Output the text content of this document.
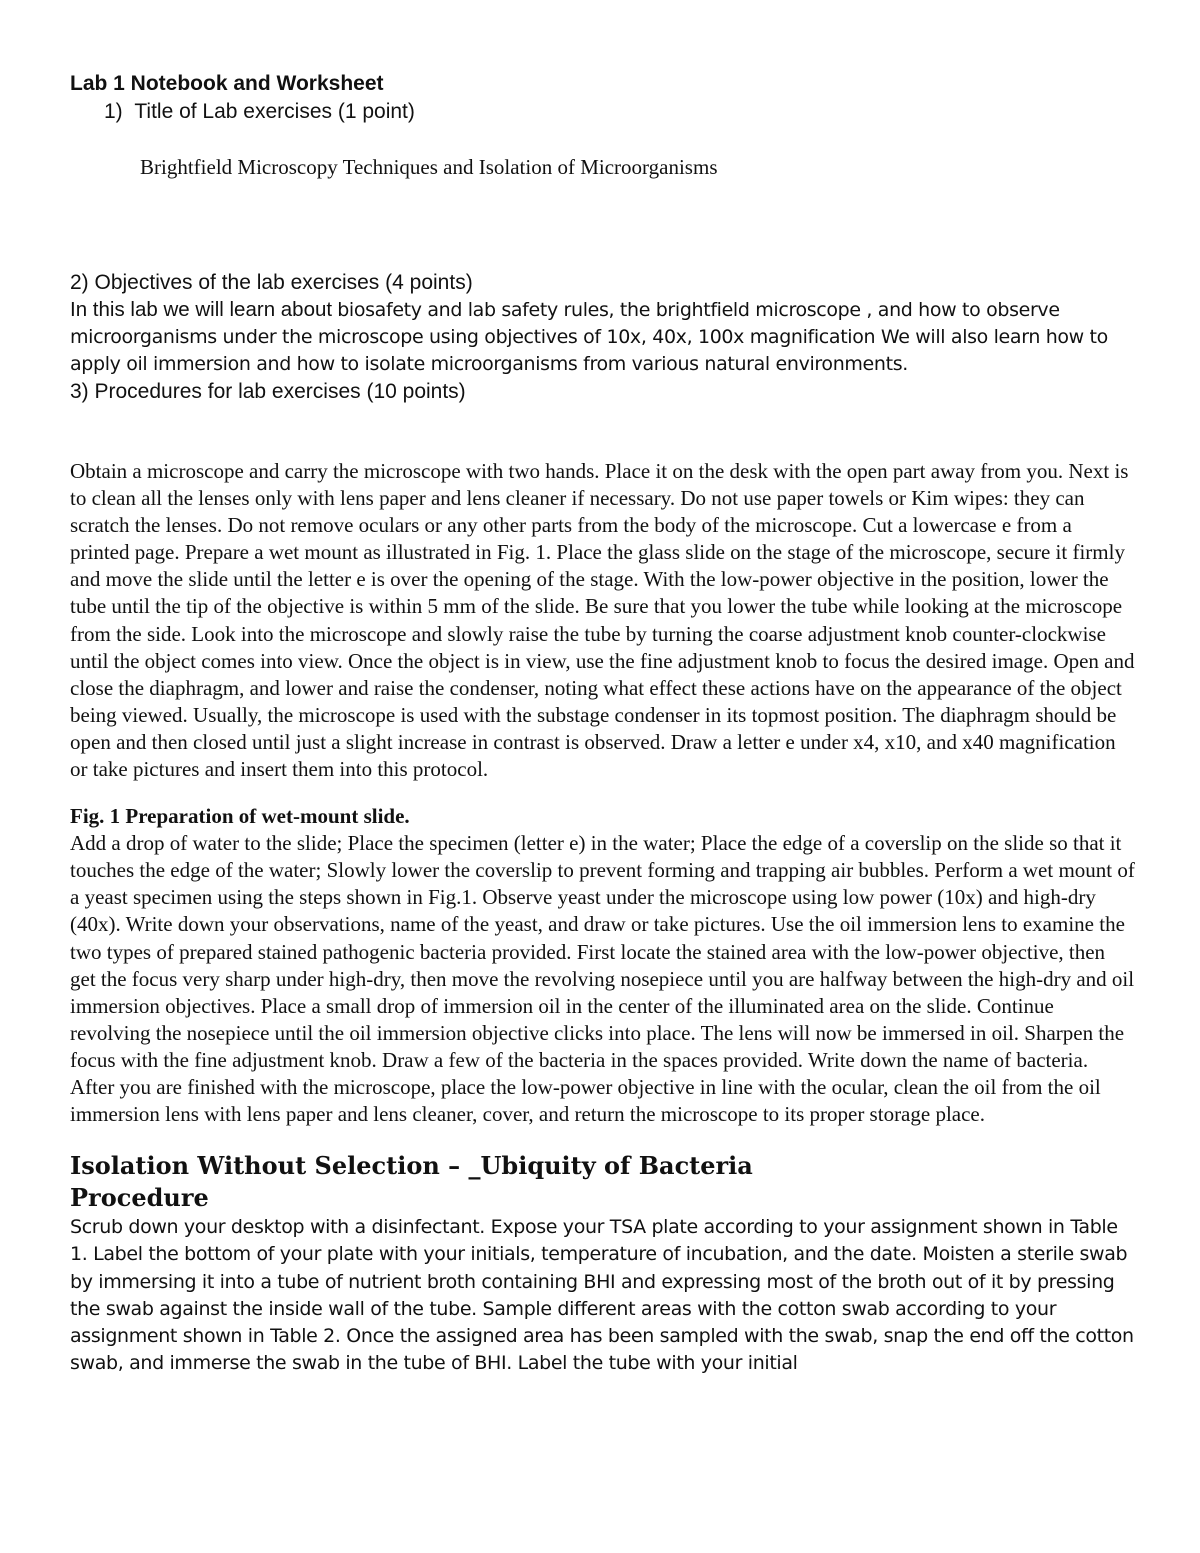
Lab 1 Notebook and Worksheet

1) Title of Lab exercises (1 point)

Brightfield Microscopy Techniques and Isolation of Microorganisms

2) Objectives of the lab exercises (4 points)

In this lab we will learn about biosafety and lab safety rules, the brightfield microscope , and how to observe microorganisms under the microscope using objectives of 10x, 40x, 100x magnification We will also learn how to apply oil immersion and how to isolate microorganisms from various natural environments.

3) Procedures for lab exercises (10 points)

Obtain a microscope and carry the microscope with two hands. Place it on the desk with the open part away from you. Next is to clean all the lenses only with lens paper and lens cleaner if necessary. Do not use paper towels or Kim wipes: they can scratch the lenses. Do not remove oculars or any other parts from the body of the microscope. Cut a lowercase e from a printed page. Prepare a wet mount as illustrated in Fig. 1. Place the glass slide on the stage of the microscope, secure it firmly and move the slide until the letter e is over the opening of the stage. With the low-power objective in the position, lower the tube until the tip of the objective is within 5 mm of the slide. Be sure that you lower the tube while looking at the microscope from the side. Look into the microscope and slowly raise the tube by turning the coarse adjustment knob counter-clockwise until the object comes into view. Once the object is in view, use the fine adjustment knob to focus the desired image. Open and close the diaphragm, and lower and raise the condenser, noting what effect these actions have on the appearance of the object being viewed. Usually, the microscope is used with the substage condenser in its topmost position. The diaphragm should be open and then closed until just a slight increase in contrast is observed. Draw a letter e under x4, x10, and x40 magnification or take pictures and insert them into this protocol.

Fig. 1 Preparation of wet-mount slide.

Add a drop of water to the slide; Place the specimen (letter e) in the water; Place the edge of a coverslip on the slide so that it touches the edge of the water; Slowly lower the coverslip to prevent forming and trapping air bubbles. Perform a wet mount of a yeast specimen using the steps shown in Fig.1. Observe yeast under the microscope using low power (10x) and high-dry (40x). Write down your observations, name of the yeast, and draw or take pictures. Use the oil immersion lens to examine the two types of prepared stained pathogenic bacteria provided. First locate the stained area with the low-power objective, then get the focus very sharp under high-dry, then move the revolving nosepiece until you are halfway between the high-dry and oil immersion objectives. Place a small drop of immersion oil in the center of the illuminated area on the slide. Continue revolving the nosepiece until the oil immersion objective clicks into place. The lens will now be immersed in oil. Sharpen the focus with the fine adjustment knob. Draw a few of the bacteria in the spaces provided. Write down the name of bacteria. After you are finished with the microscope, place the low-power objective in line with the ocular, clean the oil from the oil immersion lens with lens paper and lens cleaner, cover, and return the microscope to its proper storage place.

Isolation Without Selection – _Ubiquity of Bacteria
Procedure

Scrub down your desktop with a disinfectant. Expose your TSA plate according to your assignment shown in Table 1. Label the bottom of your plate with your initials, temperature of incubation, and the date. Moisten a sterile swab by immersing it into a tube of nutrient broth containing BHI and expressing most of the broth out of it by pressing the swab against the inside wall of the tube. Sample different areas with the cotton swab according to your assignment shown in Table 2. Once the assigned area has been sampled with the swab, snap the end off the cotton swab, and immerse the swab in the tube of BHI. Label the tube with your initial
